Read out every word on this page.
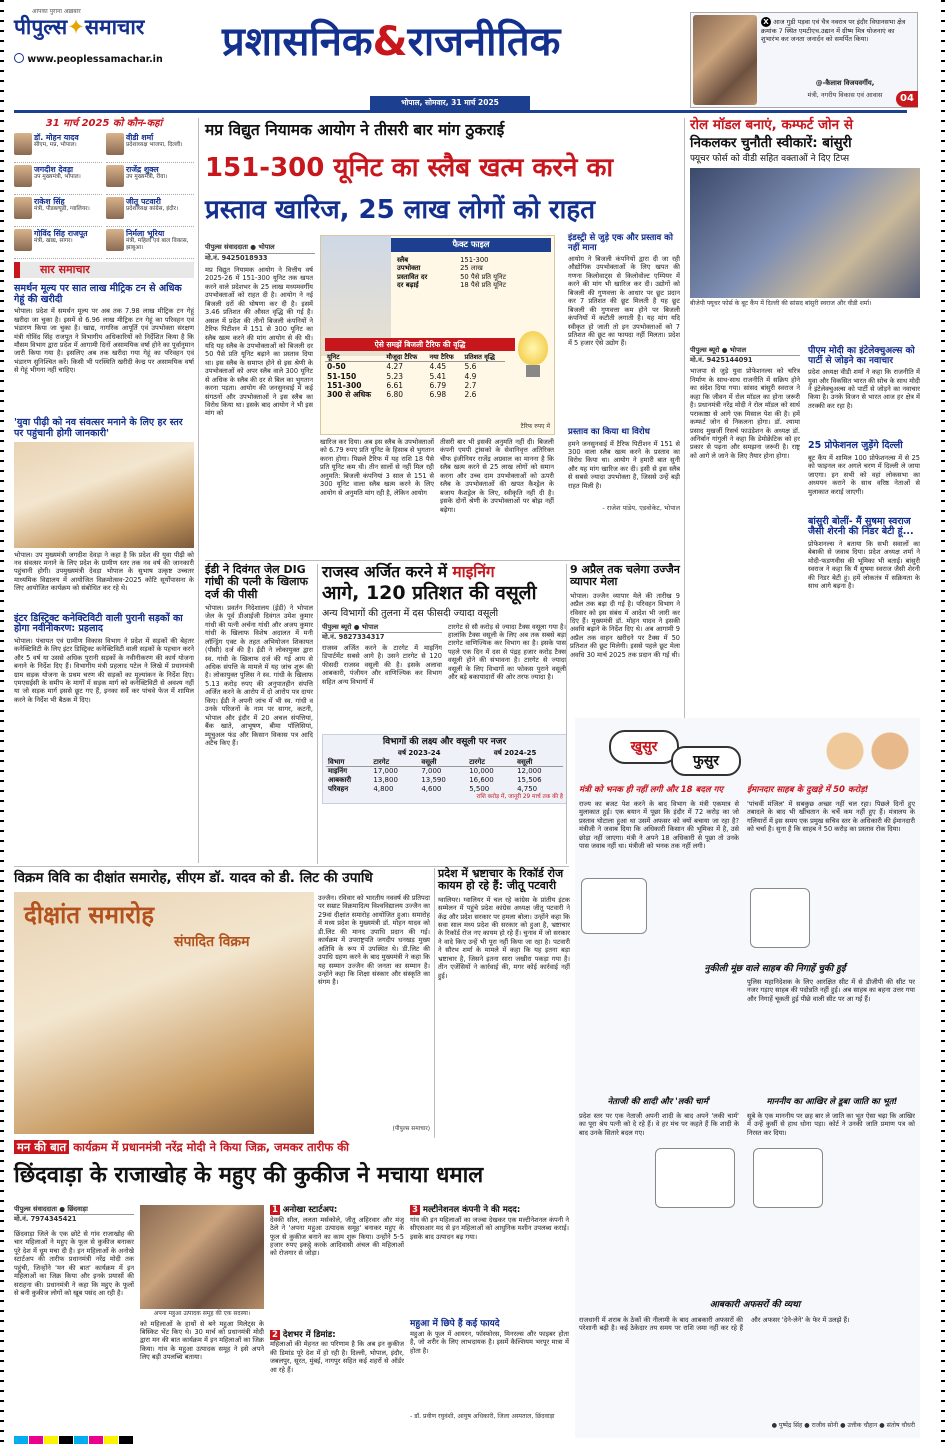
आपका पुराना अख़बार
पीपुल्स✦समाचार
www.peoplessamachar.in	प्रशासनिक&राजनीतिक
भोपाल, सोमवार, 31 मार्च 2025
X आज गुडी पड़वा एवं चैत्र नवरात्र पर इंदौर विधानसभा क्षेत्र क्रमांक 7 स्थित एमटीएच.उद्यान में ग्रीष्म मित्र योजनाएं का शुभारंभ कर जनता जनार्दन को समर्पित किया।
@-कैलाश विजयवर्गीय,
मंत्री, नगरीय विकास एवं आवास	04
31 मार्च 2025 को कौन-कहां
डॉ. मोहन यादव
सीएम, मप्र, भोपाल।
वीडी शर्मा
प्रदेशाध्यक्ष भाजपा, दिल्ली।
जगदीश देवड़ा
उप मुख्यमंत्री, भोपाल।
राजेंद्र शुक्ल
उप मुख्यमंत्री, रीवा।
राकेश सिंह
मंत्री, पीडब्ल्यूडी, ग्वालियर।
जीतू पटवारी
प्रदेशाध्यक्ष कांग्रेस, इंदौर।
गोविंद सिंह राजपूत
मंत्री, खाद्य, सागर।
निर्मला भूरिया
मंत्री, महिला एवं बाल विकास, झाबुआ।
सार समाचार
समर्थन मूल्य पर सात लाख मीट्रिक टन से अधिक गेहूं की खरीदी
भोपाल। प्रदेश में समर्थन मूल्य पर अब तक 7.98 लाख मीट्रिक टन गेहूं खरीदा जा चुका है। इसमें से 6.96 लाख मीट्रिक टन गेहूं का परिवहन एवं भंडारण किया जा चुका है। खाद्य, नागरिक आपूर्ति एवं उपभोक्ता संरक्षण मंत्री गोविंद सिंह राजपूत ने विभागीय अधिकारियों को निर्देशित किया है कि मौसम विभाग द्वारा प्रदेश में आगामी दिनों असामयिक वर्षा होने का पूर्वानुमान जारी किया गया है। इसलिए अब तक खरीदा गया गेहूं का परिवहन एवं भंडारण सुनिश्चित करें। किसी भी परस्थिति खरीदी केन्द्र पर असामयिक वर्षा से गेहूं भीगना नहीं चाहिए।
'युवा पीढ़ी को नव संवत्सर मनाने के लिए हर स्तर पर पहुंचानी होगी जानकारी'
भोपाल। उप मुख्यमंत्री जगदीश देवड़ा ने कहा है कि प्रदेश की युवा पीढ़ी को नव संवत्सर मनाने के लिए प्रदेश के ग्रामीण स्तर तक नव वर्ष की जानकारी पहुंचानी होगी। उपमुख्यमंत्री देवड़ा भोपाल के सुभाष उत्कृष्ट उच्चतर माध्यमिक विद्यालय में आयोजित विक्रमोत्सव-2025 कोटि सूर्योपासना के लिए आयोजित कार्यक्रम को संबोधित कर रहे थे।
इंटर डिस्ट्रिक्ट कनेक्टिविटी वाली पुरानी सड़कों का होगा नवीनीकरण: प्रहलाद
भोपाल। पंचायत एवं ग्रामीण विकास विभाग ने प्रदेश में सड़कों की बेहतर कनेक्टिविटी के लिए इंटर डिस्ट्रिक्ट कनेक्टिविटी वाली सड़कों के पहचान करने और 5 वर्ष या उससे अधिक पुरानी सड़कों के नवीनीकरण की कार्य योजना बनाने के निर्देश दिए हैं। विभागीय मंत्री प्रहलाद पटेल ने लिखे में प्रधानमंत्री ग्राम सड़क योजना के प्रथम चरण की सड़कों का मूल्यांकन के निर्देश दिए। एमएसईसी के समीप के मार्गों में सड़क मार्ग को कनेक्टिविटी से अवश्य नहीं या जो सड़क मार्ग इससे छूट गए हैं, इनका सर्वे कर पांचवे फेज में शामिल करने के निर्देश भी बैठक में दिए।
मप्र विद्युत नियामक आयोग ने तीसरी बार मांग ठुकराई
151-300 यूनिट का स्लैब खत्म करने का
प्रस्ताव खारिज, 25 लाख लोगों को राहत
पीपुल्स संवाददाता ● भोपाल
मो.नं. 9425018933
मप्र विद्युत नियामक आयोग ने वित्तीय वर्ष 2025-26 में 151-300 यूनिट तक खपत करने वाले प्रदेशभर के 25 लाख मध्यमवर्गीय उपभोक्ताओं को राहत दी है। आयोग ने नई बिजली दरों की घोषणा कर दी है। इसमें 3.46 प्रतिशत की औसत वृद्धि की गई है। असल में प्रदेश की तीनों बिजली कंपनियों ने टैरिफ पिटीशन में 151 से 300 यूनिट का स्लैब खत्म करने की मांग आयोग से की थी। यदि यह स्लैब के उपभोक्ताओं को बिजली दर 50 पैसे प्रति यूनिट बढ़ाने का प्रस्ताव दिया था। इस स्लैब के समाप्त होने से इस श्रेणी के उपभोक्ताओं को अपर स्लैब वाले 300 यूनिट से अधिक के स्लैब की दर से बिल का भुगतान करना पड़ता। आयोग की जनसुनवाई में कई संगठनों और उपभोक्ताओं ने इस स्लैब का विरोध किया था। इसके बाद आयोग ने भी इस मांग को
फैक्ट फाइल
स्लैब	151-300
उपभोक्ता	25 लाख
प्रस्तावित दर	50 पैसे प्रति यूनिट
दर बढ़ाई	18 पैसे प्रति यूनिट
ऐसे समझें बिजली टैरिफ की वृद्धि
यूनिट	मौजूदा टैरिफ	नया टैरिफ	प्रतिशत वृद्धि
0-50	4.27	4.45	5.6
51-150	5.23	5.41	4.9
151-300	6.61	6.79	2.7
300 से अधिक	6.80	6.98	2.6
टैरिफ रुपए में
खारिज कर दिया। अब इस स्लैब के उपभोक्ताओं को 6.79 रुपए प्रति यूनिट के हिसाब से भुगतान करना होगा। पिछले टैरिफ में यह राशि 18 पैसे प्रति यूनिट कम थी। तीन सालों से नहीं मिल रही अनुमति: बिजली कंपनियां 3 साल से 151 से 300 यूनिट वाला स्लैब खत्म करने के लिए आयोग से अनुमति मांग रही है, लेकिन आयोग
तीसरी बार भी इसकी अनुमति नहीं दी। बिजली कंपनी एमपी ट्रांसको के सेवानिवृत्त अतिरिक्त चीफ इंजीनियर राजेंद्र अग्रवाल का मानना है कि स्लैब खत्म करने से 25 लाख लोगों को समान करना और उच्च दाम उपभोक्ताओं को ऊपरी स्लैब के उपभोक्ताओं की खपत कैश्ड्रेल के बजाय कैशड्रेल के लिए, स्वीकृति नहीं दी है। इसके दोनों श्रेणी के उपभोक्ताओं पर बोझ नहीं बढ़ेगा।
इंडस्ट्री से जुड़े एक और प्रस्ताव को नहीं माना
आयोग ने बिजली कंपनियों द्वारा दी जा रही औद्योगिक उपभोक्ताओं के लिए खपत की गणना किलोवाट्स से किलोवोल्ट एम्पियर में करने की मांग भी खारिज कर दी। उद्योगों को बिजली की गुणवत्ता के आधार पर छूट प्रदान कर 7 प्रतिशत की छूट मिलती है यह छूट बिजली की गुणवत्ता कम होने पर बिजली कंपनियों में कटौती लगाती है। यह मांग यदि स्वीकृत हो जाती तो इन उपभोक्ताओं को 7 प्रतिशत की छूट का फायदा नहीं मिलता। प्रदेश में 5 हजार ऐसे उद्योग हैं।
प्रस्ताव का किया था विरोध
हमने जनसुनवाई में टैरिफ पिटीशन में 151 से 300 वाला स्लैब खत्म करने के प्रस्ताव का विरोध किया था। आयोग ने हमारी बात सुनी और यह मांग खारिज कर दी। इसी से इस स्लैब से सबसे ज्यादा उपभोक्ता है, जिससे उन्हें बड़ी राहत मिली है।
- राजेश पांडेय, एडवोकेट, भोपाल
ईडी ने दिवंगत जेल DIG गांधी की पत्नी के खिलाफ दर्ज की पीसी
भोपाल। प्रवर्तन निदेशालय (ईडी) ने भोपाल जेल के पूर्व डीआईजी दिवंगत उमेश कुमार गांधी की पत्नी अर्चना गांधी और अजय कुमार गांधी के खिलाफ विशेष अदालत में मनी लॉन्ड्रिंग एक्ट के तहत अभियोजन शिकायत (पीसी) दर्ज की है। ईडी ने लोकायुक्त द्वारा स्व. गांधी के खिलाफ दर्ज की गई आय से अधिक संपत्ति के मामले में यह जांच शुरू की है। लोकायुक्त पुलिस ने स्व. गांधी के खिलाफ 5.13 करोड़ रुपए की अनुपातहीन संपत्ति अर्जित करने के आरोप में दो आरोप पत्र दायर किए। ईडी ने अपनी जांच में भी स्व. गांधी व उनके परिजनों के नाम पर सागर, कटनी, भोपाल और इंदौर में 20 अचल संपत्तियां, बैंक खाते, आभूषण, बीमा पॉलिसियां, म्यूचुअल फंड और किसान विकास पत्र आदि अटैच किए हैं।
राजस्व अर्जित करने में माइनिंग
आगे, 120 प्रतिशत की वसूली
अन्य विभागों की तुलना में दस फीसदी ज्यादा वसूली
पीपुल्स ब्यूरो ● भोपाल
मो.नं. 9827334317
राजस्व अर्जित करने के टारगेट में माइनिंग डिपार्टमेंट सबसे आगे है। उसने टारगेट से 120 फीसदी राजस्व वसूली की है। इसके अलावा आबकारी, पंजीयन और वाणिज्यिक कर विभाग सहित अन्य विभागों में
टारगेट से सौ करोड़ से ज्यादा टैक्स वसूला गया है। हालांकि टैक्स वसूली के लिए अब तक सबसे बड़ा टारगेट वाणिज्यिक कर विभाग का है। इसके पास पहले एक दिन में दस से पंद्रह हजार करोड़ टैक्स वसूली होने की संभावना है। टारगेट से ज्यादा वसूली के लिए विभागों का फोकस पुराने वसूली और बड़े बकायादारों की ओर तरफ ज्यादा है।
विभागों की लक्ष्य और वसूली पर नजर
	वर्ष 2023-24		वर्ष 2024-25	
विभाग	टारगेट	वसूली	टारगेट	वसूली
माइनिंग	17,000	7,000	10,000	12,000
आबकारी	13,800	13,590	16,600	15,506
परिवहन	4,800	4,600	5,500	4,750
राशि करोड़ में, जानूरी 29 मार्च तक की है
9 अप्रैल तक चलेगा उज्जैन व्यापार मेला
भोपाल। उज्जैन व्यापार मेले की तारीख 9 अप्रैल तक बढ़ा दी गई है। परिवहन विभाग ने रविवार को इस संबंध में आदेश भी जारी कर दिए हैं। मुख्यमंत्री डॉ. मोहन यादव ने इसकी अवधि बढ़ाने के निर्देश दिए थे। अब आगामी 9 अप्रैल तक वाहन खरीदने पर टैक्स में 50 प्रतिशत की छूट मिलेगी। इससे पहले छूट मेला अवधि 30 मार्च 2025 तक प्रदान की गई थी।
रोल मॉडल बनाएं, कम्फर्ट जोन से
निकलकर चुनौती स्वीकारें: बांसुरी
फ्यूचर फोर्स को वीडी सहित वक्ताओं ने दिए टिप्स
बीजेपी फ्यूचर फोर्स के बूट कैंप में दिल्ली की सांसद बांसुरी स्वराज और वीडी शर्मा।
पीपुल्स ब्यूरो ● भोपाल
मो.नं. 9425144091
भाजपा से जुड़े युवा प्रोफेशनल्स को चरित्र निर्माण के साथ-साथ राजनीति में सक्रिय होने का संदेश दिया गया। सांसद बांसुरी स्वराज ने कहा कि जीवन में रोल मॉडल का होना जरूरी है। प्रधानमंत्री नरेंद्र मोदी ने रोल मॉडल को सार्थ पराकाष्ठा से आगे एक मिसाल पेश की है। हमें कम्फर्ट जोन से निकलना होगा। डॉ. श्यामा प्रसाद मुखर्जी रिसर्च फाउंडेशन के अध्यक्ष डॉ. अनिर्बान गांगुली ने कहा कि डेमोक्रेटिक को हर प्रकार से पढ़ना और समझना जरूरी है। राष्ट्र को आगे ले जाने के लिए तैयार होना होगा।
पीएम मोदी का इंटेलेक्चुअल्स को पार्टी से जोड़ने का नवाचार
प्रदेश अध्यक्ष वीडी शर्मा ने कहा कि राजनीति में युवा और विकसित भारत की सोच के साथ मोदी ने इंटेलेक्चुअल्स को पार्टी से जोड़ने का नवाचार किया है। उनके विजन से भारत आज हर क्षेत्र में तरक्की कर रहा है।
25 प्रोफेशनल जुड़ेंगे दिल्ली
बूट कैंप में शामिल 100 प्रोफेशनल्स में से 25 को फाइनल कर अगले चरण में दिल्ली ले जाया जाएगा। इन सभी को वहां लोकसभा का अध्ययन कराने के साथ वरिष्ठ नेताओं से मुलाकात कराई जाएगी।
बांसुरी बोलीं- मैं सुषमा स्वराज जैसी शेरनी की निडर बेटी हूं...
प्रोफेशनल्स ने बताया कि सभी सवालों का बेबाकी से जवाब दिया। प्रदेश अध्यक्ष शर्मा ने मोदी-फडणवीस की भूमिका भी बताई। बांसुरी स्वराज ने कहा कि मैं सुषमा स्वराज जैसी शेरनी की निडर बेटी हूं। हमें लोकतंत्र में सक्रियता के साथ आगे बढ़ना है।
खुसुर
फुसुर
मंत्री को भनक ही नहीं लगी और 18 बदल गए
राज्य का बजट पेश करने के बाद विभाग के मंत्री एकमात्र से मुलाकात हुई। एक बयान में पूछा कि इंदौर में 72 करोड़ का जो प्रस्ताव घोटाला हुआ था उसमें अफसर को क्यों बचाया जा रहा है? मंत्रीजी ने जवाब दिया कि अधिकारी किसान की भूमिका में है, उसे छोड़ा नहीं जाएगा। मंत्री ने अपने 18 अधिकारी से पूछा तो उनके पास जवाब नहीं था। मंत्रीजी को भनक तक नहीं लगी।
ईमानदार साहब के दुखड़े में 50 करोड़!
'पांचवीं मंजिल' में सबकुछ अच्छा नहीं चल रहा। पिछले दिनों हुए तबादले के बाद भी खींचतान के चर्चे कम नहीं हुए हैं। मंत्रालय के गलियारों में इस समय एक प्रमुख सचिव स्तर के अधिकारी की ईमानदारी को चर्चा है। सुना है कि साहब ने 50 करोड़ का प्रस्ताव रोक दिया।
नुकीली मूंछ वाले साहब की निगाहें चुकी हुईं
पुलिस महानिदेशक के लिए आरक्षित सीट में से डीजीपी की सीट पर नजर गड़ाए साहब की पदोन्नति नहीं हुई। अब साहब का बहना उत्तर गया और निगाहें चूकती हुई पीछे वाली सीट पर आ गई हैं।
नेताजी की शादी और 'लकी चार्म'
प्रदेश स्तर पर एक नेताजी अपनी शादी के बाद अपने 'लकी चार्म' का पूरा श्रेय पत्नी को दे रहे हैं। वे हर मंच पर कहते हैं कि शादी के बाद उनके सितारे बदल गए।
माननीय का आखिर ले डूबा जाति का भूत!
सूबे के एक माननीय पर छह बार ले जाति का भूत ऐसा चढ़ा कि आखिर में उन्हें कुर्सी से हाथ धोना पड़ा। कोर्ट ने उनकी जाति प्रमाण पत्र को निरस्त कर दिया।
आबकारी अफसरों की व्यथा
राजधानी में शराब के ठेकों की नीलामी के बाद आबकारी अफसरों की परेशानी बढ़ी है। कई ठेकेदार तय समय पर राशि जमा नहीं कर रहे हैं और अफसर 'देने-लेने' के फेर में उलझे हैं।
● पुष्पेंद्र सिंह ● राजीव सोनी ● उत्तीक चौहान ● संतोष चौधरी
विक्रम विवि का दीक्षांत समारोह, सीएम डॉ. यादव को डी. लिट की उपाधि
दीक्षांत समारोह
संपादित विक्रम
उज्जैन। रविवार को भारतीय नववर्ष की प्रतिपदा पर सम्राट विक्रमादित्य विश्वविद्यालय उज्जैन का 29वां दीक्षांत समारोह आयोजित हुआ। समारोह में मध्य प्रदेश के मुख्यमंत्री डॉ. मोहन यादव को डी.लिट की मानद उपाधि प्रदान की गई। कार्यक्रम में उपराष्ट्रपति जगदीप धनखड़ मुख्य अतिथि के रूप में उपस्थित थे। डी.लिट की उपाधि ग्रहण करने के बाद मुख्यमंत्री ने कहा कि यह सम्मान उज्जैन की जनता का सम्मान है। उन्होंने कहा कि शिक्षा संस्कार और संस्कृति का संगम है।
(पीपुल्स समाचार)
प्रदेश में भ्रष्टाचार के रिकॉर्ड रोज कायम हो रहे हैं: जीतू पटवारी
ग्वालियर। ग्वालियर में चल रहे कांग्रेस के प्रांतीय इंटक सम्मेलन में पहुंचे प्रदेश कांग्रेस अध्यक्ष जीतू पटवारी ने केंद्र और प्रदेश सरकार पर हमला बोला। उन्होंने कहा कि सवा साल मध्य प्रदेश की सरकार को हुआ है, भ्रष्टाचार के रिकॉर्ड रोज नए कायम हो रहे हैं। चुनाव में जो सरकार ने वादे किए उन्हें भी पूरा नहीं किया जा रहा है। पटवारी ने सौरभ शर्मा के मामले में कहा कि यह इतना बड़ा भ्रष्टाचार है, जिसने इतना सारा जखीरा पकड़ा गया है। तीन एजेंसियों ने कार्रवाई की, मगर कोई कार्रवाई नहीं हुई।
मन की बात कार्यक्रम में प्रधानमंत्री नरेंद्र मोदी ने किया जिक्र, जमकर तारीफ की
छिंदवाड़ा के राजाखोह के महुए की कुकीज ने मचाया धमाल
पीपुल्स संवाददाता ● छिंदवाड़ा
मो.नं. 7974345421
छिंदवाड़ा जिले के एक छोटे से गांव राजाखोह की चार महिलाओं ने महुए के फूल से कुकीज बनाकर पूरे देश में धूम मचा दी है। इन महिलाओं के अनोखे स्टार्टअप की तारीफ प्रधानमंत्री नरेंद्र मोदी तक पहुंची, जिन्होंने 'मन की बात' कार्यक्रम में इन महिलाओं का जिक्र किया और इनके प्रयासों की सराहना की। प्रधानमंत्री ने कहा कि महुए के फूलों से बनी कुकीज लोगों को खूब पसंद आ रही है।
अपना महुआ उत्पादक समूह की एक सदस्या।
को महिलाओं के हाथों से बने महुआ मिलेट्स के बिस्किट भेंट किए थे। 30 मार्च को प्रधानमंत्री मोदी द्वारा मन की बात कार्यक्रम में इन महिलाओं का जिक्र किया। गांव के महुआ उत्पादक समूह ने इसे अपने लिए बड़ी उपलब्धि बताया।
1 अनोखा स्टार्टअप:
देवकी सील, ललता मर्सकोले, जीतू अहिरवार और मंजू ठेले ने 'अपना महुआ उत्पादक समूह' बनाकर महुए के फूल से कुकीज बनाने का काम शुरू किया। उन्होंने 5-5 हजार रुपए इकट्ठे करके आदिवासी अंचल की महिलाओं को रोजगार से जोड़ा।
2 देशभर में डिमांड:
महिलाओं की मेहनत का परिणाम है कि अब इन कुकीज की डिमांड पूरे देश में हो रही है। दिल्ली, भोपाल, इंदौर, जबलपुर, सूरत, मुंबई, नागपुर सहित कई शहरों से ऑर्डर आ रहे हैं।
3 मल्टीनेशनल कंपनी ने की मदद:
गांव की इन महिलाओं का जज्बा देखकर एक मल्टीनेशनल कंपनी ने सीएसआर मद से इन महिलाओं को आधुनिक मशीन उपलब्ध कराई। इसके बाद उत्पादन बढ़ गया।
महुआ में छिपे हैं कई फायदे
महुआ के फूल में आयरन, फॉस्फोरस, मिनरल्स और फाइबर होता है, जो शरीर के लिए लाभदायक है। इसमें कैल्शियम भरपूर मात्रा में होता है।
- डॉ. प्रवीण रघुवंशी, आयुष अधिकारी, जिला अस्पताल, छिंदवाड़ा
